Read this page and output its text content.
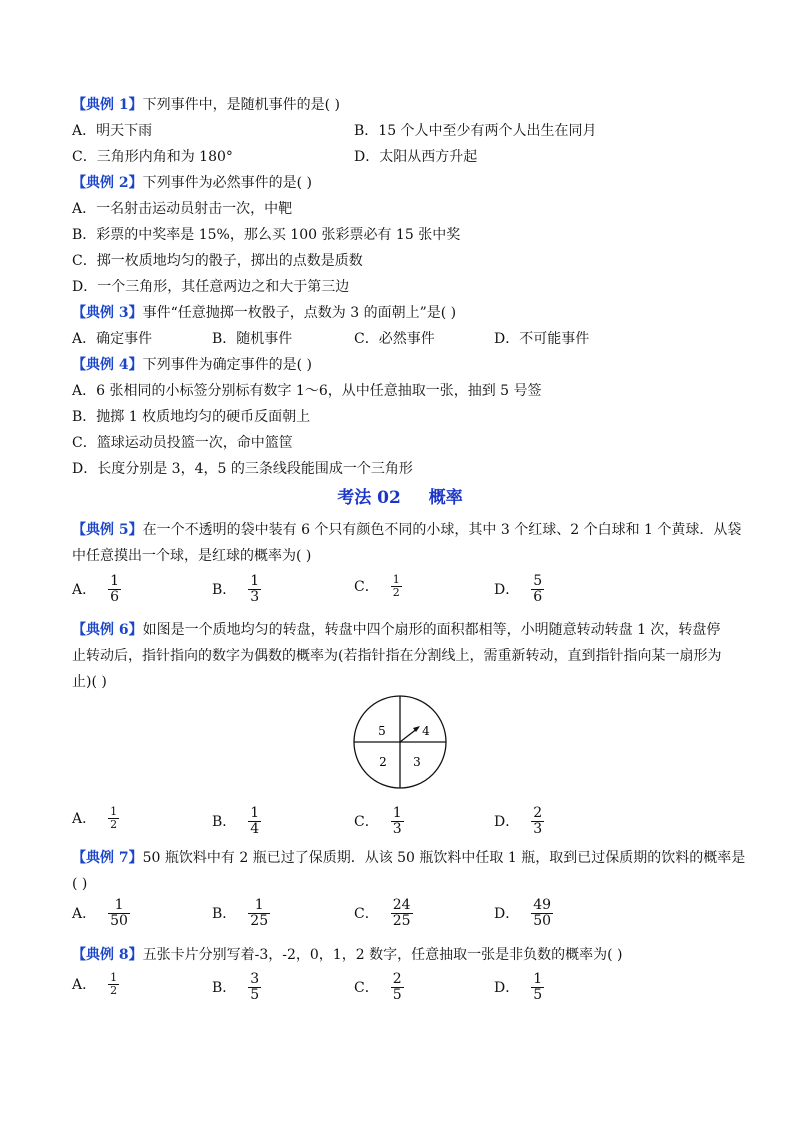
【典例 1】下列事件中，是随机事件的是( )
A．明天下雨	B．15 个人中至少有两个人出生在同月
C．三角形内角和为 180°	D．太阳从西方升起
【典例 2】下列事件为必然事件的是( )
A．一名射击运动员射击一次，中靶
B．彩票的中奖率是 15%，那么买 100 张彩票必有 15 张中奖
C．掷一枚质地均匀的骰子，掷出的点数是质数
D．一个三角形，其任意两边之和大于第三边
【典例 3】事件“任意抛掷一枚骰子，点数为 3 的面朝上”是( )
A．确定事件	B．随机事件	C．必然事件	D．不可能事件
【典例 4】下列事件为确定事件的是( )
A．6 张相同的小标签分别标有数字 1～6，从中任意抽取一张，抽到 5 号签
B．抛掷 1 枚质地均匀的硬币反面朝上
C．篮球运动员投篮一次，命中篮筐
D．长度分别是 3，4，5 的三条线段能围成一个三角形
考法 02 概率
【典例 5】在一个不透明的袋中装有 6 个只有颜色不同的小球，其中 3 个红球、2 个白球和 1 个黄球．从袋
中任意摸出一个球，是红球的概率为( )
A． $\frac{1}{6}$	B． $\frac{1}{3}$	C． $\frac{1}{2}$	D． $\frac{5}{6}$
【典例 6】如图是一个质地均匀的转盘，转盘中四个扇形的面积都相等，小明随意转动转盘 1 次，转盘停
止转动后，指针指向的数字为偶数的概率为(若指针指在分割线上，需重新转动，直到指针指向某一扇形为
止)( )
5	4
2 3
A． $\frac{1}{2}$	B． $\frac{1}{4}$	C． $\frac{1}{3}$	D． $\frac{2}{3}$
【典例 7】50 瓶饮料中有 2 瓶已过了保质期．从该 50 瓶饮料中任取 1 瓶，取到已过保质期的饮料的概率是
( )
A． $\frac{1}{50}$	B． $\frac{1}{25}$	C． $\frac{24}{25}$	D． $\frac{49}{50}$
【典例 8】五张卡片分别写着-3，-2，0，1，2 数字，任意抽取一张是非负数的概率为( )
A． $\frac{1}{2}$	B． $\frac{3}{5}$	C． $\frac{2}{5}$	D． $\frac{1}{5}$
